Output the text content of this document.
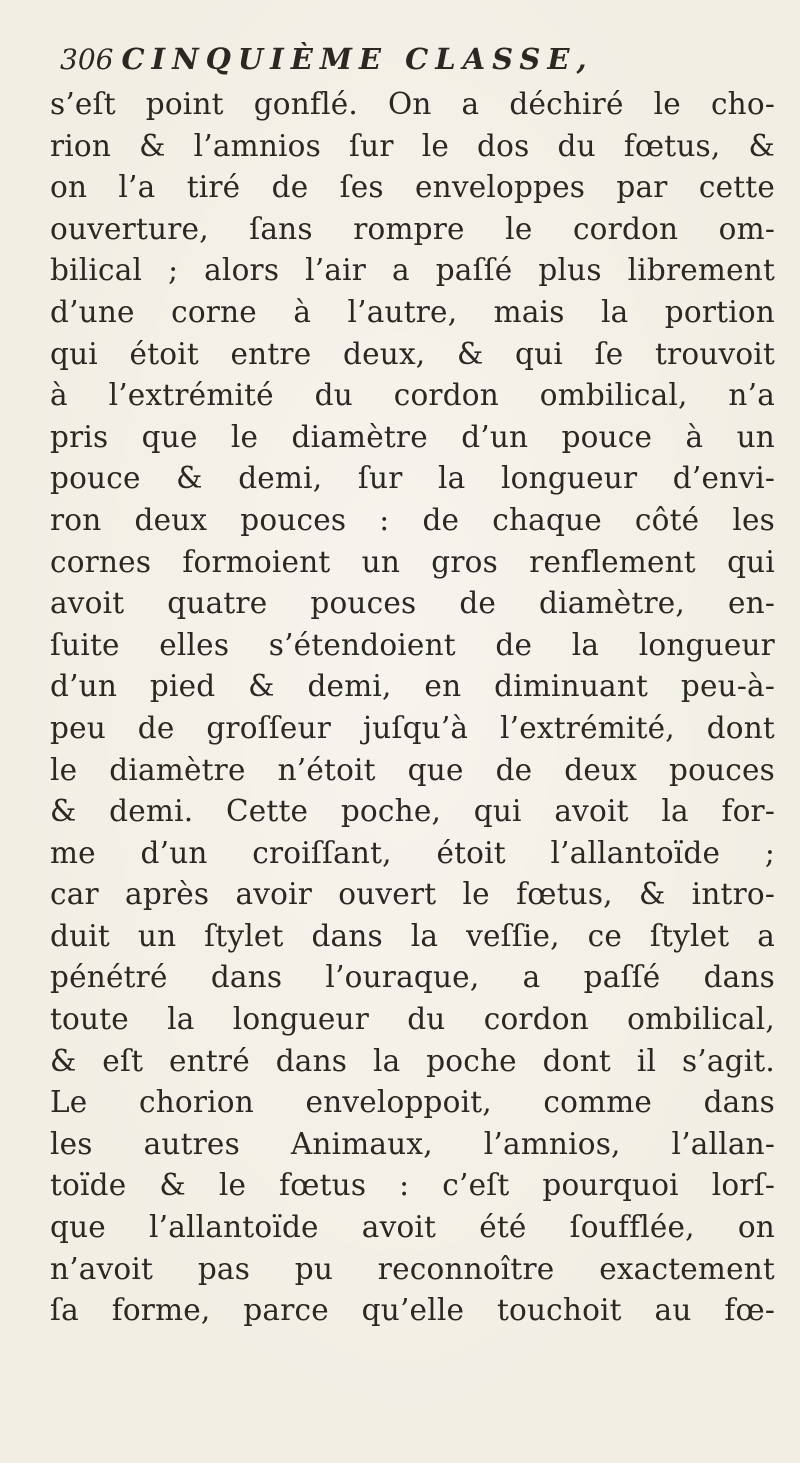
306 CINQUIÈME CLASSE,
s’eſt point gonflé. On a déchiré le cho-
rion & l’amnios ſur le dos du fœtus, &
on l’a tiré de ſes enveloppes par cette
ouverture, ſans rompre le cordon om-
bilical ; alors l’air a paſſé plus librement
d’une corne à l’autre, mais la portion
qui étoit entre deux, & qui ſe trouvoit
à l’extrémité du cordon ombilical, n’a
pris que le diamètre d’un pouce à un
pouce & demi, ſur la longueur d’envi-
ron deux pouces : de chaque côté les
cornes formoient un gros renflement qui
avoit quatre pouces de diamètre, en-
ſuite elles s’étendoient de la longueur
d’un pied & demi, en diminuant peu-à-
peu de groſſeur juſqu’à l’extrémité, dont
le diamètre n’étoit que de deux pouces
& demi. Cette poche, qui avoit la for-
me d’un croiſſant, étoit l’allantoïde ;
car après avoir ouvert le fœtus, & intro-
duit un ſtylet dans la veſſie, ce ſtylet a
pénétré dans l’ouraque, a paſſé dans
toute la longueur du cordon ombilical,
& eſt entré dans la poche dont il s’agit.
Le chorion enveloppoit, comme dans
les autres Animaux, l’amnios, l’allan-
toïde & le fœtus : c’eſt pourquoi lorſ-
que l’allantoïde avoit été ſoufflée, on
n’avoit pas pu reconnoître exactement
ſa forme, parce qu’elle touchoit au fœ-
